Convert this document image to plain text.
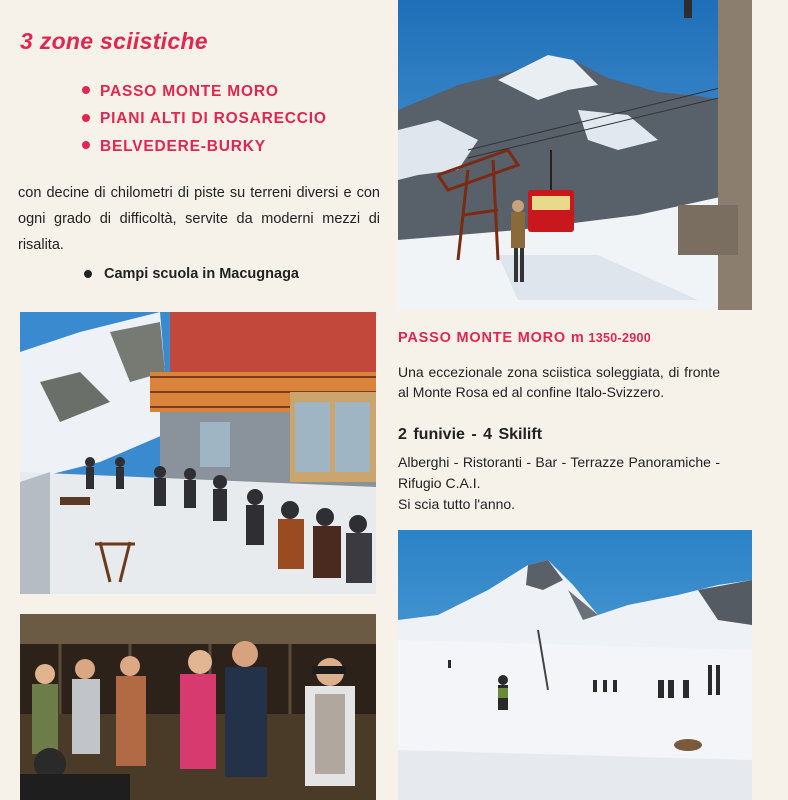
3 zone sciistiche
PASSO MONTE MORO
PIANI ALTI DI ROSARECCIO
BELVEDERE-BURKY
con decine di chilometri di piste su terreni diversi e con ogni grado di difficoltà, servite da moderni mezzi di risalita.
Campi scuola in Macugnaga
PASSO MONTE MORO m 1350-2900
Una eccezionale zona sciistica soleggiata, di fronte al Monte Rosa ed al confine Italo-Svizzero.
2 funivie - 4 Skilift
Alberghi - Ristoranti - Bar - Terrazze Panoramiche - Rifugio C.A.I.
Si scia tutto l'anno.
